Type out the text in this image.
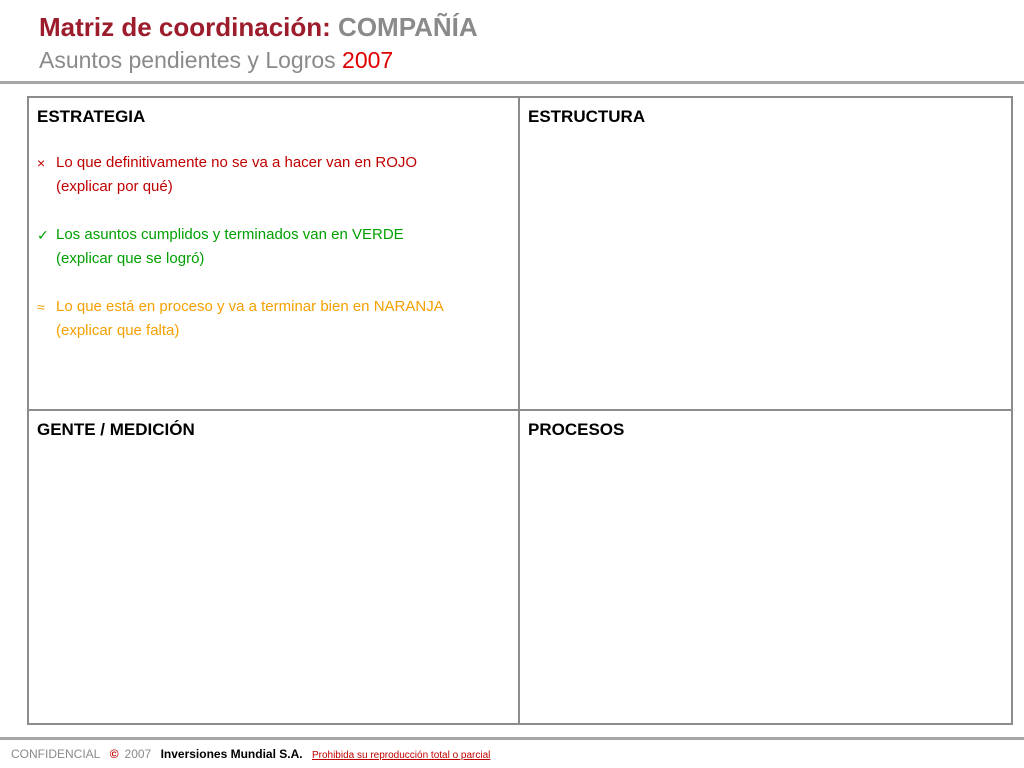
Matriz de coordinación: COMPAÑÍA
Asuntos pendientes y Logros 2007
ESTRATEGIA
× Lo que definitivamente no se va a hacer van en ROJO
(explicar por qué)
✓ Los asuntos cumplidos y terminados van en VERDE
(explicar que se logró)
≈ Lo que está en proceso y va a terminar bien en NARANJA
(explicar que falta)
ESTRUCTURA
GENTE / MEDICIÓN	PROCESOS
CONFIDENCIAL © 2007 Inversiones Mundial S.A. Prohibida su reproducción total o parcial
